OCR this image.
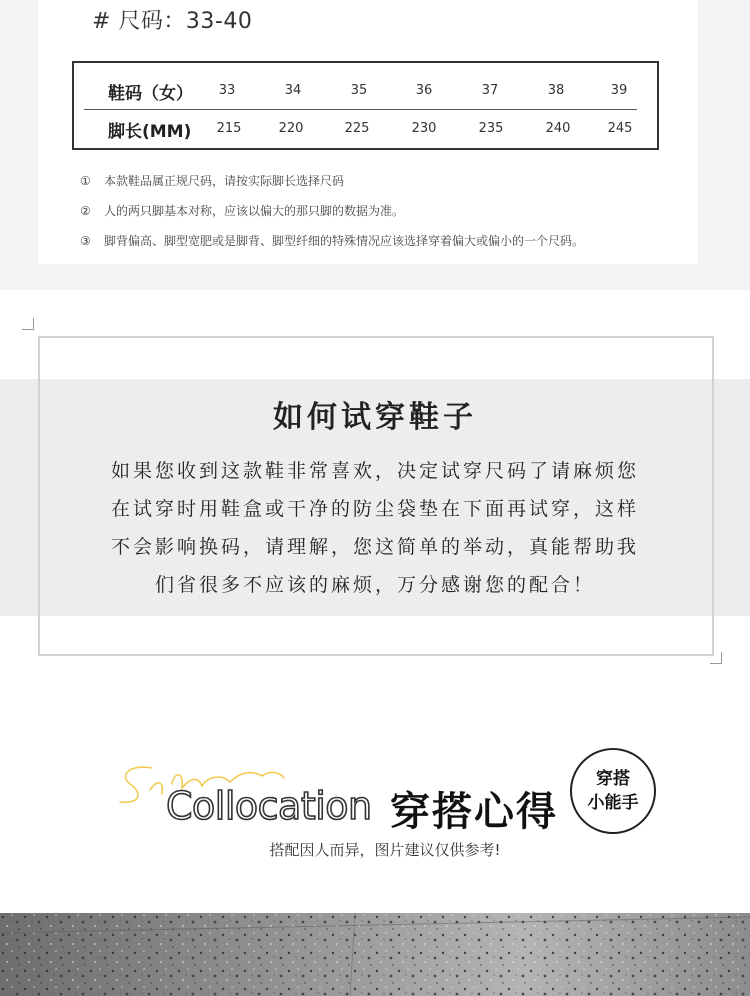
# 尺码：33-40
鞋码（女）	33	34	35	36	37	38	39
脚长(MM)	215	220	225	230	235	240	245
① 本款鞋品属正规尺码，请按实际脚长选择尺码
② 人的两只脚基本对称，应该以偏大的那只脚的数据为准。
③ 脚背偏高、脚型宽肥或是脚背、脚型纤细的特殊情况应该选择穿着偏大或偏小的一个尺码。
如何试穿鞋子
如果您收到这款鞋非常喜欢，决定试穿尺码了请麻烦您
在试穿时用鞋盒或干净的防尘袋垫在下面再试穿，这样
不会影响换码，请理解，您这简单的举动，真能帮助我
们省很多不应该的麻烦，万分感谢您的配合！
Collocation 穿搭心得
穿搭
小能手
搭配因人而异，图片建议仅供参考!
